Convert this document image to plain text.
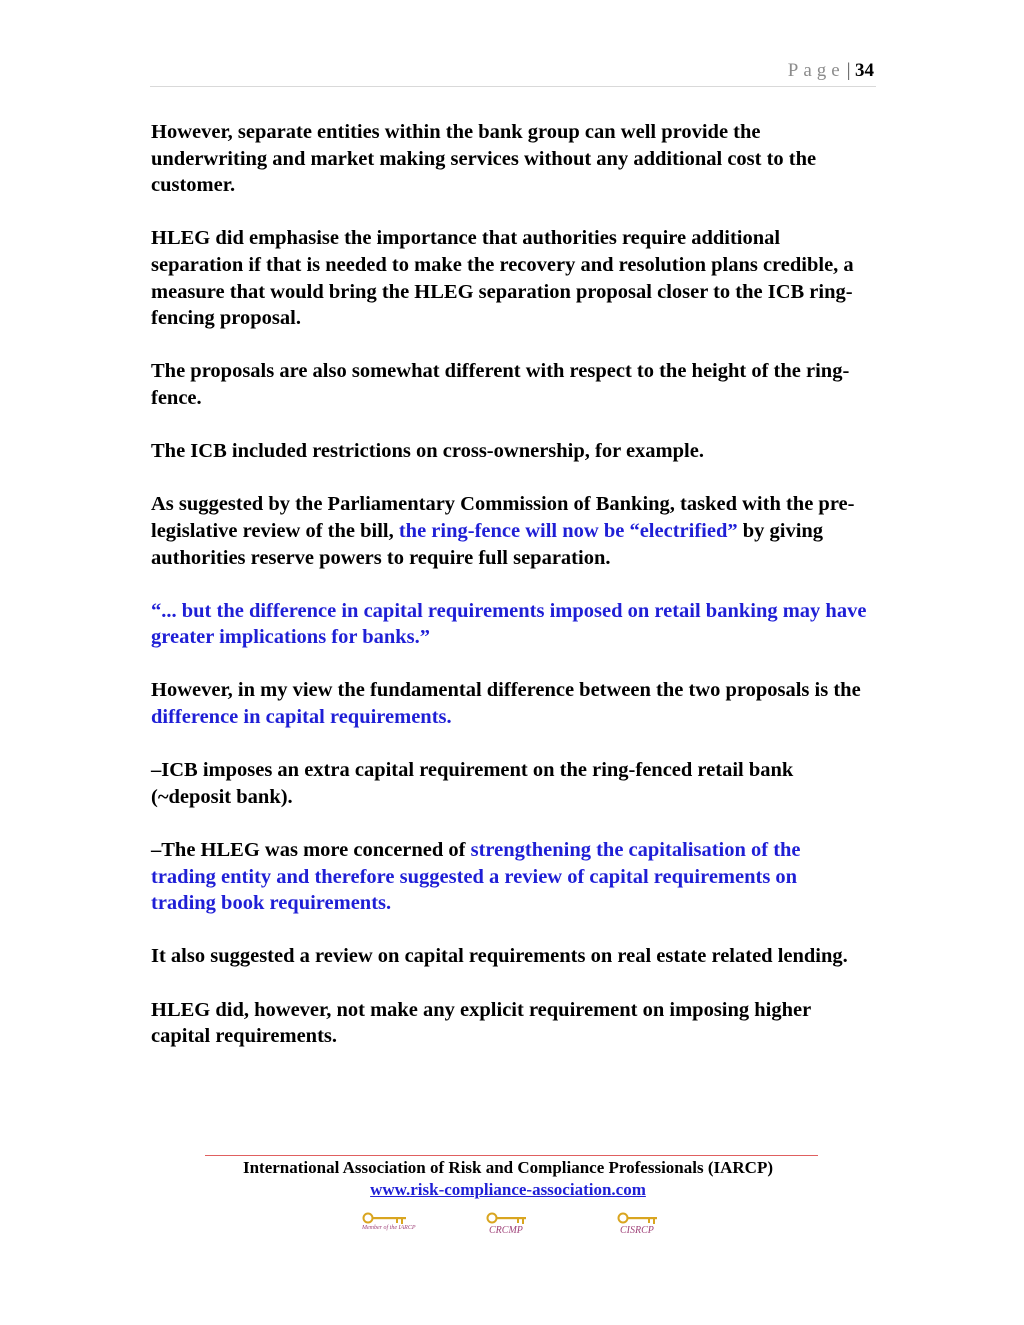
Page | 34

However, separate entities within the bank group can well provide the underwriting and market making services without any additional cost to the customer.

HLEG did emphasise the importance that authorities require additional separation if that is needed to make the recovery and resolution plans credible, a measure that would bring the HLEG separation proposal closer to the ICB ring-fencing proposal.

The proposals are also somewhat different with respect to the height of the ring-fence.

The ICB included restrictions on cross-ownership, for example.

As suggested by the Parliamentary Commission of Banking, tasked with the pre-legislative review of the bill, the ring-fence will now be “electrified” by giving authorities reserve powers to require full separation.

“... but the difference in capital requirements imposed on retail banking may have greater implications for banks.”

However, in my view the fundamental difference between the two proposals is the difference in capital requirements.

–ICB imposes an extra capital requirement on the ring-fenced retail bank (~deposit bank).

–The HLEG was more concerned of strengthening the capitalisation of the trading entity and therefore suggested a review of capital requirements on trading book requirements.

It also suggested a review on capital requirements on real estate related lending.

HLEG did, however, not make any explicit requirement on imposing higher capital requirements.

International Association of Risk and Compliance Professionals (IARCP)
www.risk-compliance-association.com
Member of the IARCP	CRCMP	CISRCP
